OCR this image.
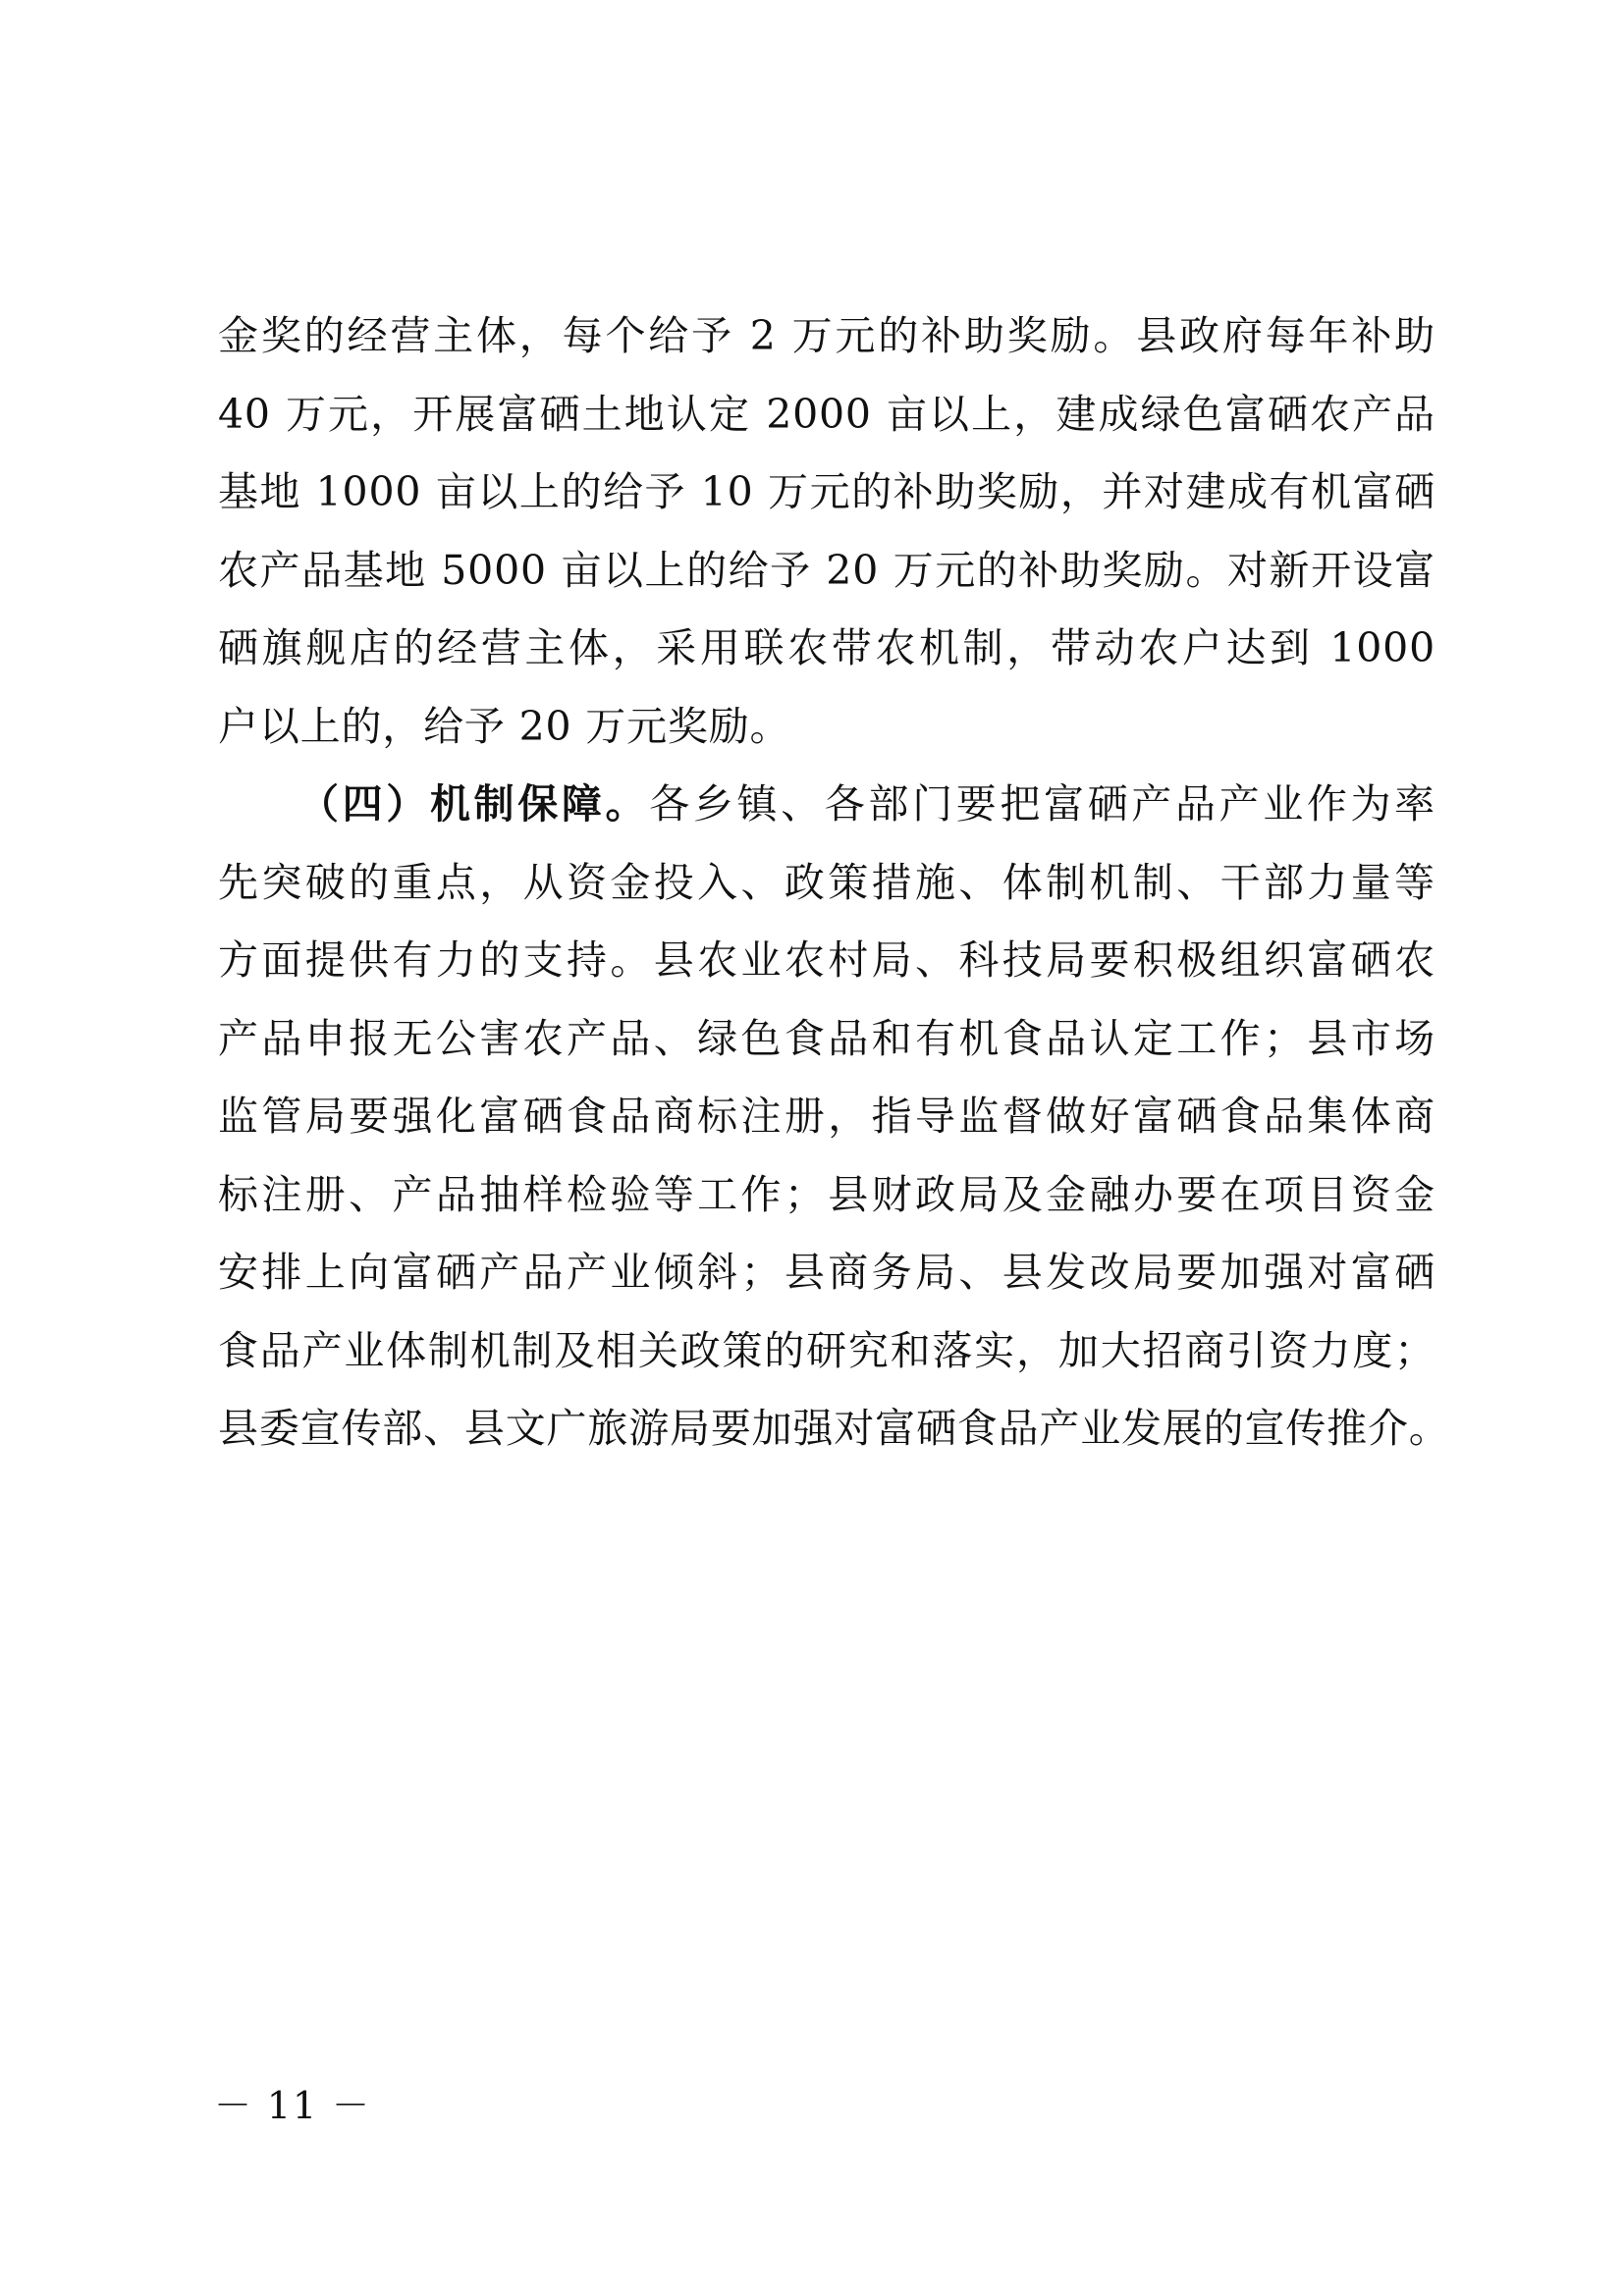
金奖的经营主体，每个给予 2 万元的补助奖励。县政府每年补助
40 万元，开展富硒土地认定 2000 亩以上，建成绿色富硒农产品
基地 1000 亩以上的给予 10 万元的补助奖励，并对建成有机富硒
农产品基地 5000 亩以上的给予 20 万元的补助奖励。对新开设富
硒旗舰店的经营主体，采用联农带农机制，带动农户达到 1000
户以上的，给予 20 万元奖励。
（四）机制保障。各乡镇、各部门要把富硒产品产业作为率
先突破的重点，从资金投入、政策措施、体制机制、干部力量等
方面提供有力的支持。县农业农村局、科技局要积极组织富硒农
产品申报无公害农产品、绿色食品和有机食品认定工作；县市场
监管局要强化富硒食品商标注册，指导监督做好富硒食品集体商
标注册、产品抽样检验等工作；县财政局及金融办要在项目资金
安排上向富硒产品产业倾斜；县商务局、县发改局要加强对富硒
食品产业体制机制及相关政策的研究和落实，加大招商引资力度；
县委宣传部、县文广旅游局要加强对富硒食品产业发展的宣传推介。
－ 11 －
